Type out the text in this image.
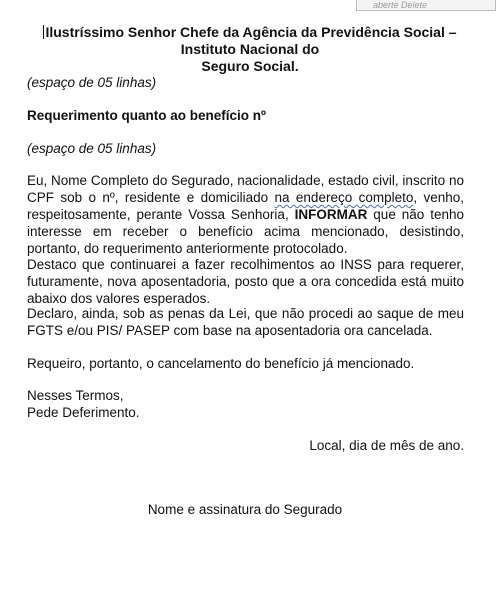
aberte Delete
Ilustríssimo Senhor Chefe da Agência da Previdência Social – Instituto Nacional do
Seguro Social.
(espaço de 05 linhas)
Requerimento quanto ao benefício nº
(espaço de 05 linhas)

Eu, Nome Completo do Segurado, nacionalidade, estado civil, inscrito no CPF sob o nº, residente e domiciliado na endereço completo, venho, respeitosamente, perante Vossa Senhoria, INFORMAR que não tenho interesse em receber o benefício acima mencionado, desistindo, portanto, do requerimento anteriormente protocolado.

Destaco que continuarei a fazer recolhimentos ao INSS para requerer, futuramente, nova aposentadoria, posto que a ora concedida está muito abaixo dos valores esperados.

Declaro, ainda, sob as penas da Lei, que não procedi ao saque de meu FGTS e/ou PIS/ PASEP com base na aposentadoria ora cancelada.

Requeiro, portanto, o cancelamento do benefício já mencionado.

Nesses Termos,
Pede Deferimento.
Local, dia de mês de ano.
Nome e assinatura do Segurado
